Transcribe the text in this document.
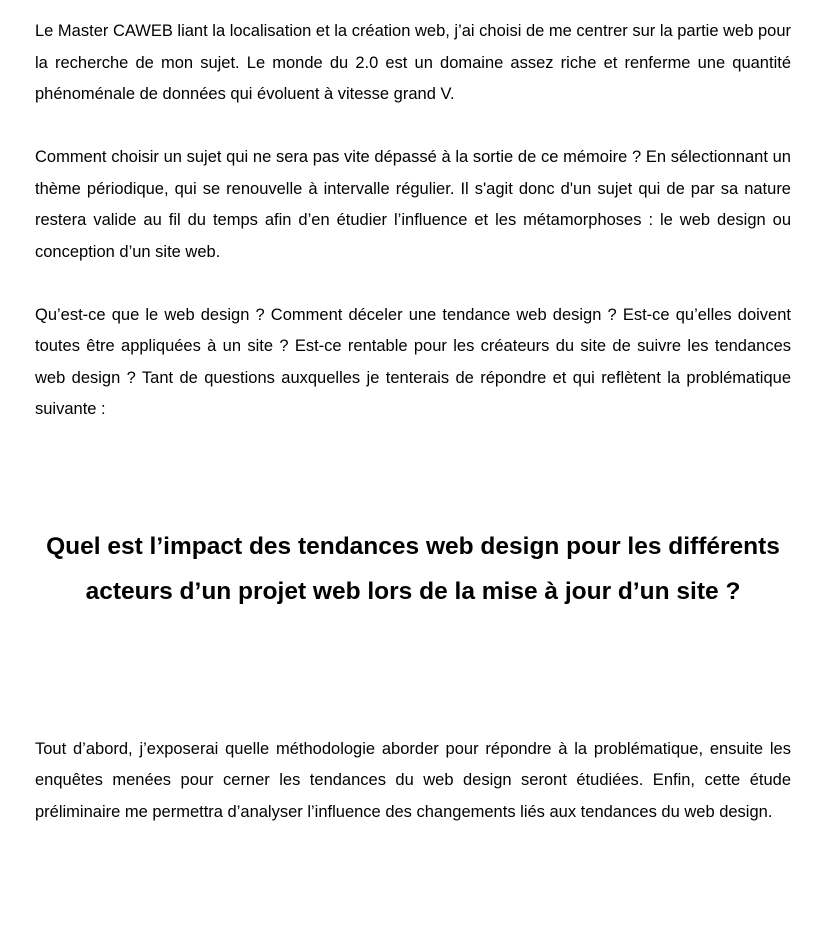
Le Master CAWEB liant la localisation et la création web, j’ai choisi de me centrer sur la partie web pour la recherche de mon sujet. Le monde du 2.0 est un domaine assez riche et renferme une quantité phénoménale de données qui évoluent à vitesse grand V.

Comment choisir un sujet qui ne sera pas vite dépassé à la sortie de ce mémoire ? En sélectionnant un thème périodique, qui se renouvelle à intervalle régulier. Il s'agit donc d'un sujet qui de par sa nature restera valide au fil du temps afin d’en étudier l’influence et les métamorphoses : le web design ou conception d’un site web.

Qu’est-ce que le web design ? Comment déceler une tendance web design ? Est-ce qu’elles doivent toutes être appliquées à un site ? Est-ce rentable pour les créateurs du site de suivre les tendances web design ? Tant de questions auxquelles je tenterais de répondre et qui reflètent la problématique suivante :

Quel est l’impact des tendances web design pour les différents acteurs d’un projet web lors de la mise à jour d’un site ?

Tout d’abord, j’exposerai quelle méthodologie aborder pour répondre à la problématique, ensuite les enquêtes menées pour cerner les tendances du web design seront étudiées. Enfin, cette étude préliminaire me permettra d’analyser l’influence des changements liés aux tendances du web design.
